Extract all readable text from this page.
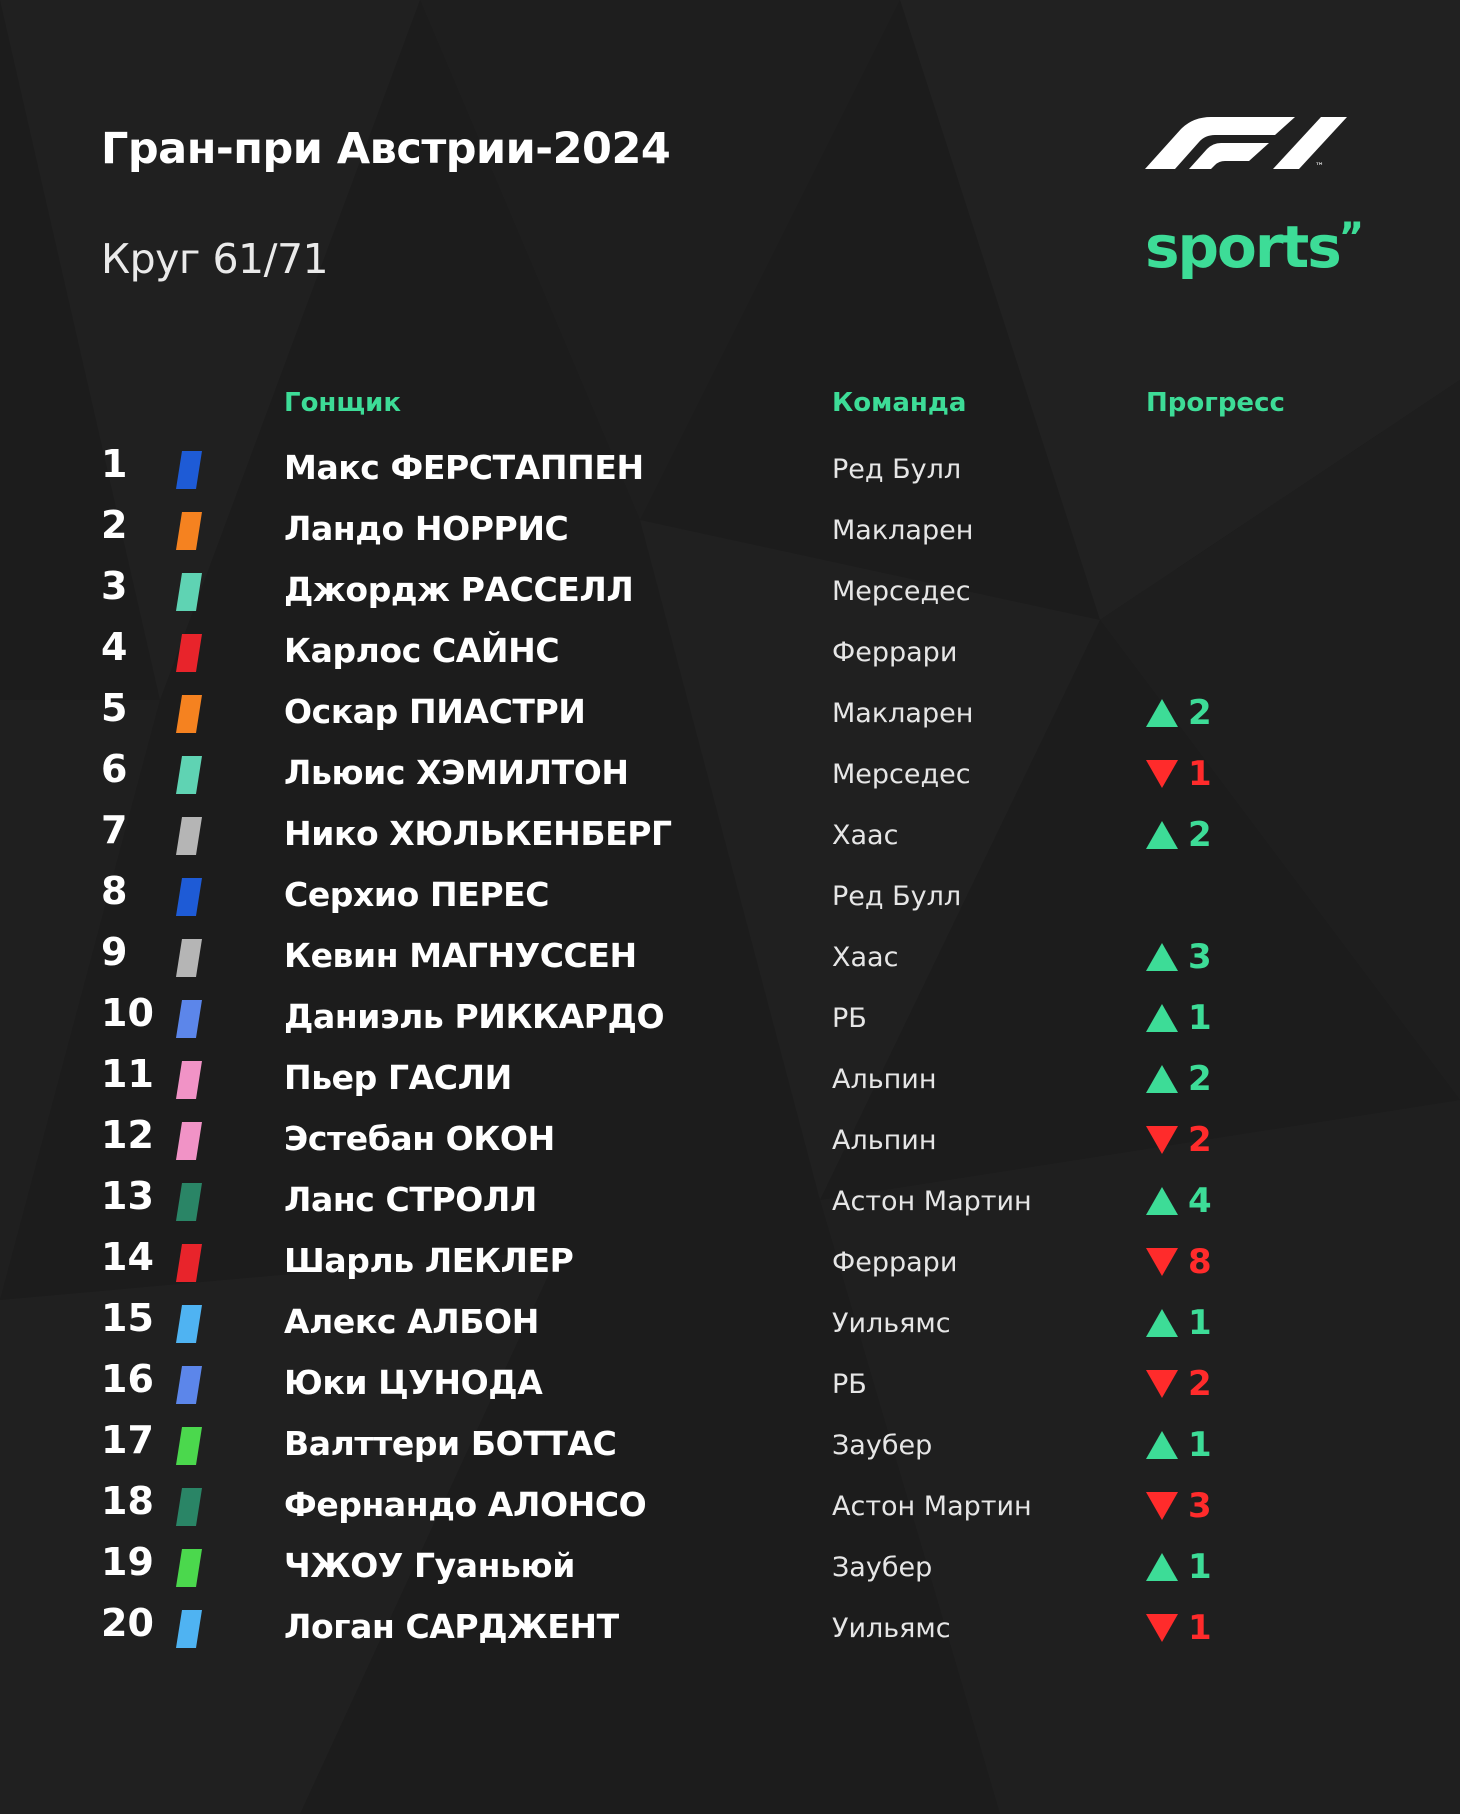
Гран-при Австрии-2024
Круг 61/71
™
sports’’
Гонщик	Команда	Прогресс
1	Макс ФЕРСТАППЕН	Ред Булл
2	Ландо НОРРИС	Макларен
3	Джордж РАССЕЛЛ	Мерседес
4	Карлос САЙНС	Феррари
5	Оскар ПИАСТРИ	Макларен	2
6	Льюис ХЭМИЛТОН	Мерседес	1
7	Нико ХЮЛЬКЕНБЕРГ	Хаас	2
8	Серхио ПЕРЕС	Ред Булл
9	Кевин МАГНУССЕН	Хаас	3
10	Даниэль РИККАРДО	РБ	1
11	Пьер ГАСЛИ	Альпин	2
12	Эстебан ОКОН	Альпин	2
13	Ланс СТРОЛЛ	Астон Мартин	4
14	Шарль ЛЕКЛЕР	Феррари	8
15	Алекс АЛБОН	Уильямс	1
16	Юки ЦУНОДА	РБ	2
17	Валттери БОТТАС	Заубер	1
18	Фернандо АЛОНСО	Астон Мартин	3
19	ЧЖОУ Гуаньюй	Заубер	1
20	Логан САРДЖЕНТ	Уильямс	1
